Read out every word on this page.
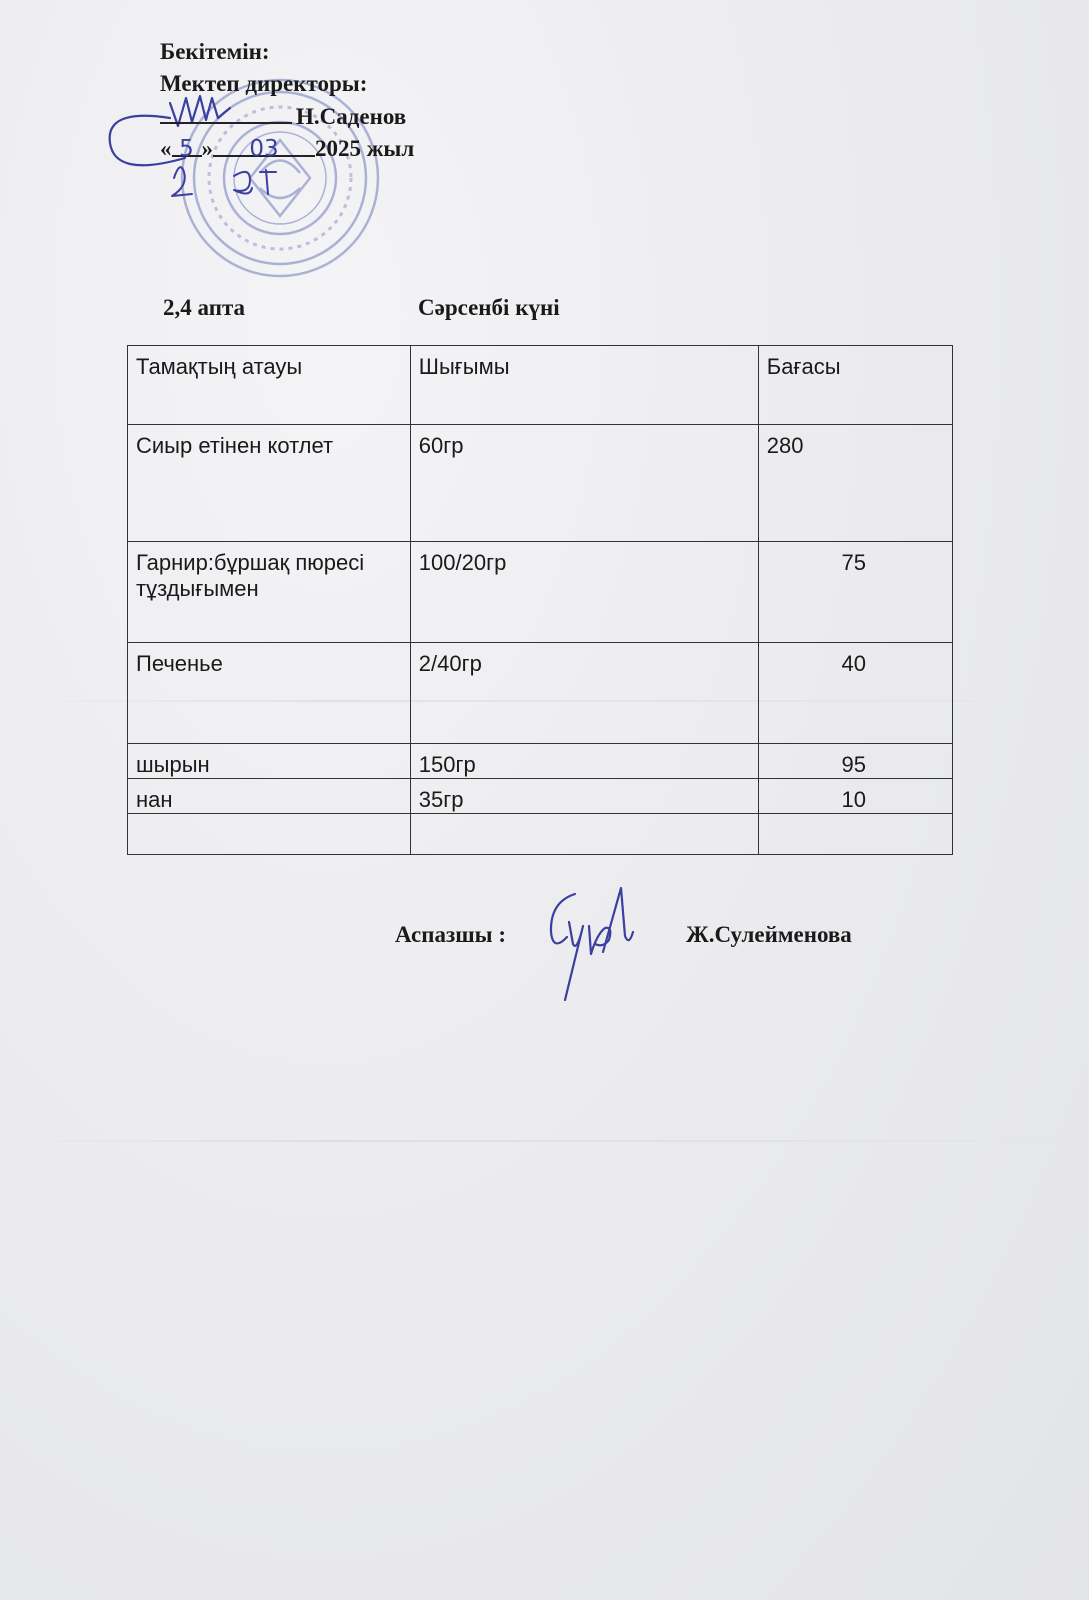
Бекітемін:
Мектеп директоры:
Н.Саденов
« 5 » 03 2025 жыл
2,4 апта	Сәрсенбі күні
Тамақтың атауы	Шығымы	Бағасы
Сиыр етінен котлет	60гр	280
Гарнир:бұршақ пюресі тұздығымен	100/20гр	75
Печенье	2/40гр	40
шырын	150гр	95
нан	35гр	10

Аспазшы :	Ж.Сулейменова
